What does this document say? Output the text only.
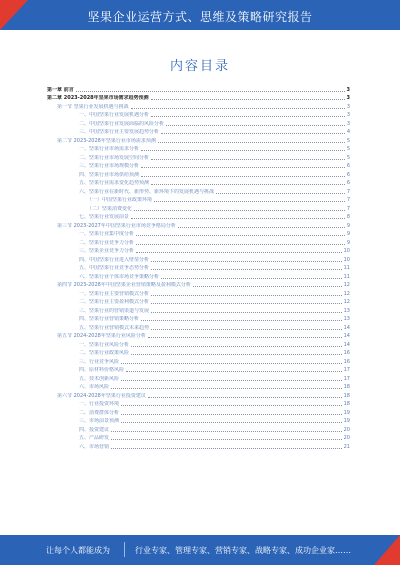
坚果企业运营方式、思维及策略研究报告
内容目录
第一章 前言	3
第二章 2023-2028年坚果市场需求趋势预测	3
第一节 坚果行业发展机遇与挑战	3
一、中国坚果行业发展机遇分析	3
二、中国坚果行业发展面临的风险分析	3
三、中国坚果行业主要发展趋势分析	4
第二节 2023-2028年坚果行业市场需求预测	5
一、坚果行业市场需求分析	5
二、坚果行业市场发展空间分析	5
三、坚果行业市场规模分析	6
四、坚果行业市场供给预测	6
五、坚果行业需求变化趋势预测	6
六、坚果行业在新时代、新形势、新环境下的发展机遇与挑战	7
（一）中国坚果行业政策环境	7
（二）坚果消费变化	7
七、坚果行业发展前景	8
第三节 2023-2027年中国坚果行业市场竞争格局分析	9
一、坚果行业集中度分析	9
二、坚果行业竞争力分析	9
三、坚果企业竞争力分析	10
四、中国坚果行业进入壁垒分析	10
五、中国坚果行业竞争态势分析	11
六、坚果行业个体市场竞争策略分析	11
第四节 2023-2028年中国坚果企业营销策略及盈利模式分析	12
一、坚果行业主要营销模式分析	12
二、坚果行业主要盈利模式分析	12
三、坚果行业的营销渠道与发展	13
四、坚果行业营销策略分析	13
五、坚果行业营销模式未来趋势	14
第五节 2024-2028年坚果行业风险分析	14
一、坚果行业风险分析	14
二、坚果行业政策风险	16
三、行业竞争风险	16
四、原材料价格风险	17
五、技术创新风险	17
六、市场风险	18
第六节 2024-2028年坚果行业投资建议	18
一、行业投资环境	18
二、消费群体分析	19
三、市场前景预测	19
四、投资建议	20
五、产品研发	20
六、市场营销	21
让每个人都能成为	行业专家、管理专家、营销专家、战略专家、成功企业家……
